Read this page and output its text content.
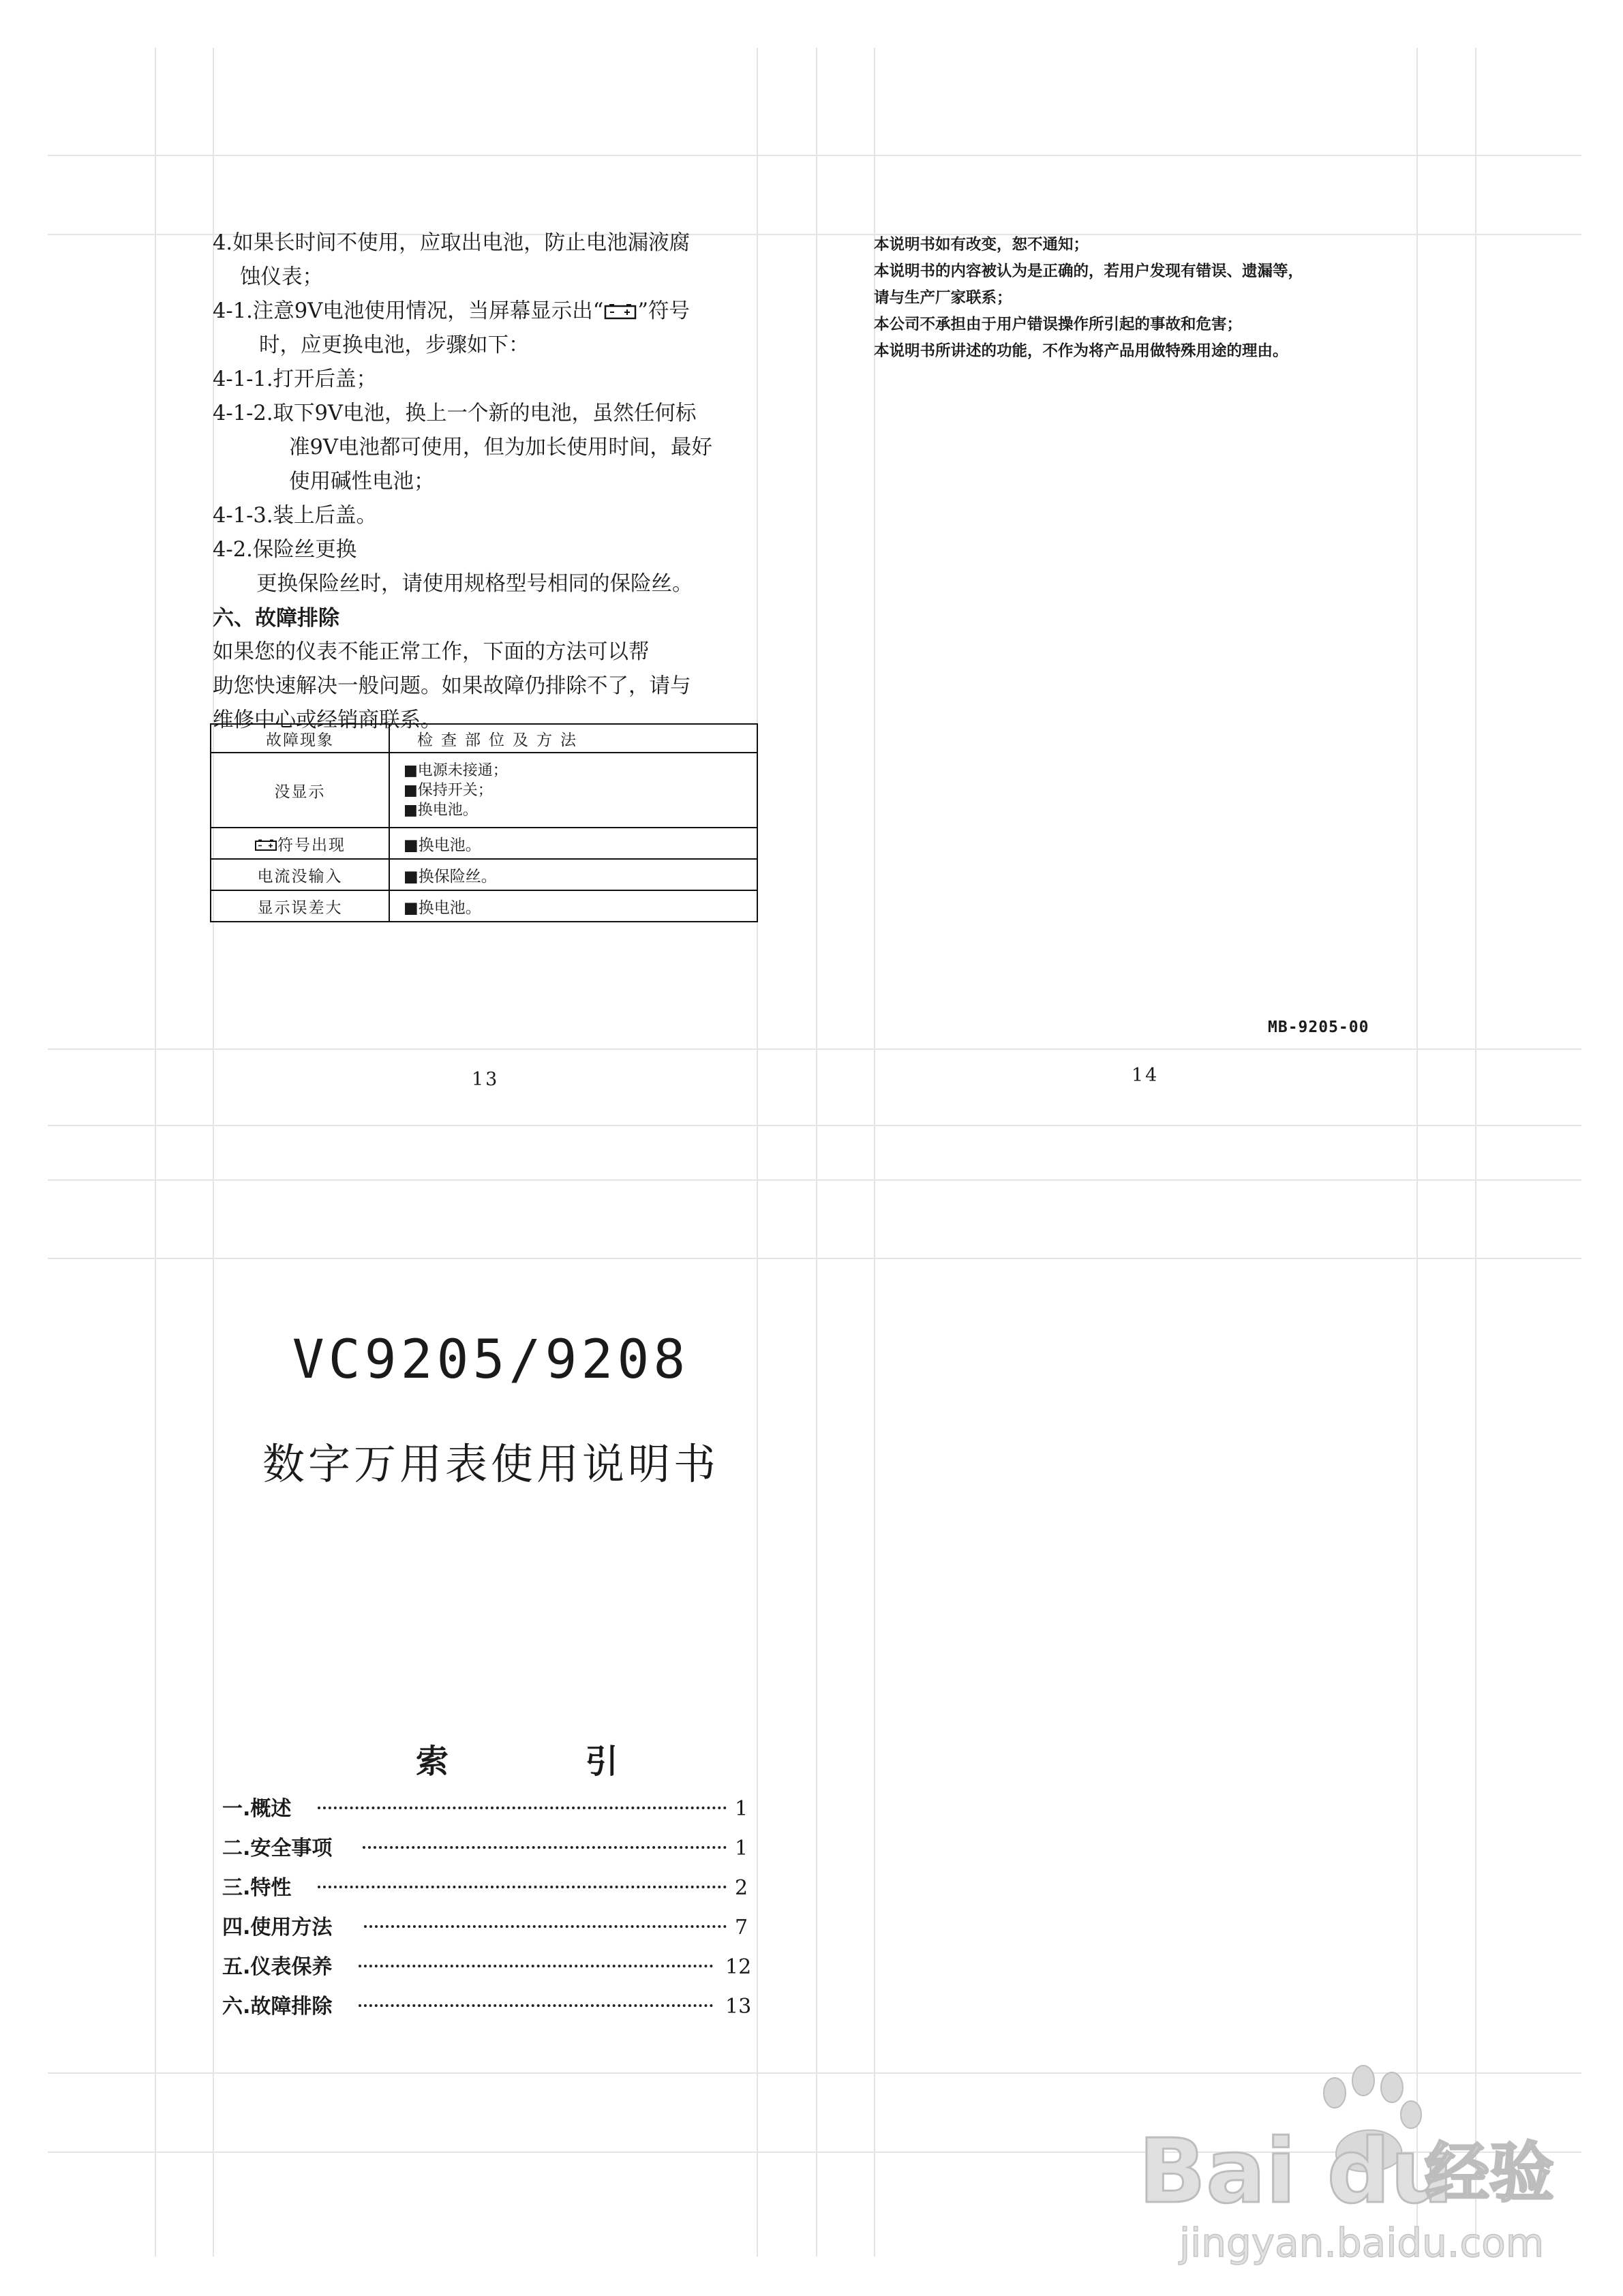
4.如果长时间不使用，应取出电池，防止电池漏液腐
蚀仪表；
4-1.注意9V电池使用情况，当屏幕显示出“ ”符号
时，应更换电池，步骤如下：
4-1-1.打开后盖；
4-1-2.取下9V电池，换上一个新的电池，虽然任何标
准9V电池都可使用，但为加长使用时间，最好
使用碱性电池；
4-1-3.装上后盖。
4-2.保险丝更换
更换保险丝时，请使用规格型号相同的保险丝。
六、故障排除
如果您的仪表不能正常工作，下面的方法可以帮
助您快速解决一般问题。如果故障仍排除不了，请与
维修中心或经销商联系。
故障现象	检查部位及方法
没显示	■电源未接通；
■保持开关；
■换电池。

符号出现	■换电池。
电流没输入	■换保险丝。
显示误差大	■换电池。
13
本说明书如有改变，恕不通知；
本说明书的内容被认为是正确的，若用户发现有错误、遗漏等，
请与生产厂家联系；
本公司不承担由于用户错误操作所引起的事故和危害；
本说明书所讲述的功能，不作为将产品用做特殊用途的理由。
MB-9205-00
14
VC9205/9208
数字万用表使用说明书
索 引
一.概述	1
二.安全事项	1
三.特性	2
四.使用方法	7
五.仪表保养	12
六.故障排除	13
Bai du
经验
jingyan.baidu.com
